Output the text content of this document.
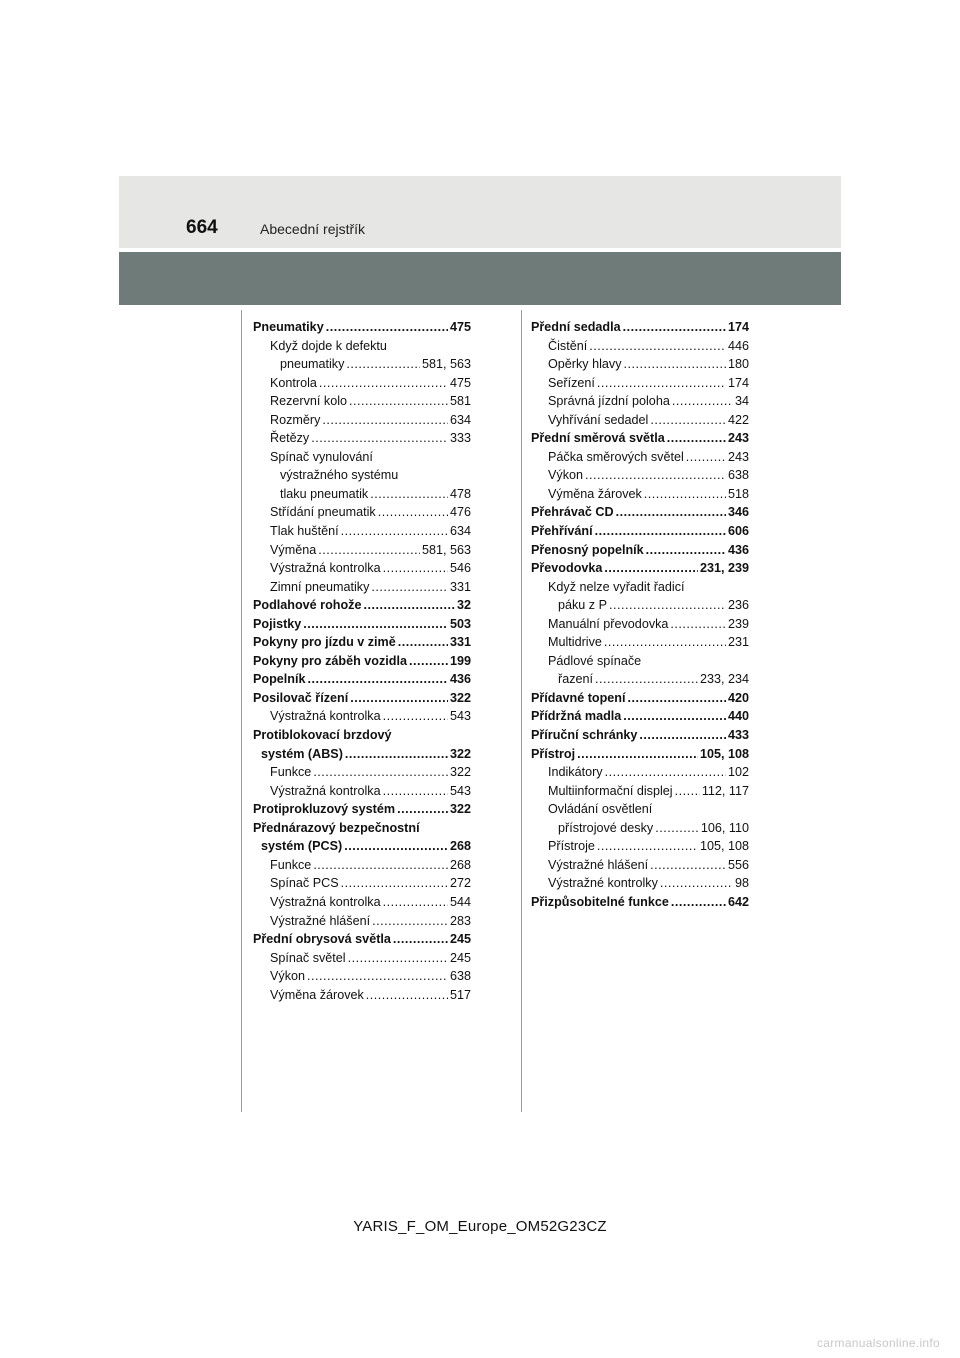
664	Abecední rejstřík
Pneumatiky .....	475
Když dojde k defektu
pneumatiky .....	581, 563
Kontrola .....	475
Rezervní kolo .....	581
Rozměry .....	634
Řetězy .....	333
Spínač vynulování
výstražného systému
tlaku pneumatik .....	478
Střídání pneumatik .....	476
Tlak huštění .....	634
Výměna .....	581, 563
Výstražná kontrolka .....	546
Zimní pneumatiky .....	331
Podlahové rohože .....	32
Pojistky .....	503
Pokyny pro jízdu v zimě .....	331
Pokyny pro záběh vozidla .....	199
Popelník .....	436
Posilovač řízení .....	322
Výstražná kontrolka .....	543
Protiblokovací brzdový
systém (ABS) .....	322
Funkce .....	322
Výstražná kontrolka .....	543
Protiprokluzový systém .....	322
Přednárazový bezpečnostní
systém (PCS) .....	268
Funkce .....	268
Spínač PCS .....	272
Výstražná kontrolka .....	544
Výstražné hlášení .....	283
Přední obrysová světla .....	245
Spínač světel .....	245
Výkon .....	638
Výměna žárovek .....	517
Přední sedadla .....	174
Čistění .....	446
Opěrky hlavy .....	180
Seřízení .....	174
Správná jízdní poloha .....	34
Vyhřívání sedadel .....	422
Přední směrová světla .....	243
Páčka směrových světel .....	243
Výkon .....	638
Výměna žárovek .....	518
Přehrávač CD .....	346
Přehřívání .....	606
Přenosný popelník .....	436
Převodovka .....	231, 239
Když nelze vyřadit řadicí
páku z P .....	236
Manuální převodovka .....	239
Multidrive .....	231
Pádlové spínače
řazení .....	233, 234
Přídavné topení .....	420
Přídržná madla .....	440
Příruční schránky .....	433
Přístroj .....	105, 108
Indikátory .....	102
Multiinformační displej ..... 112, 117
Ovládání osvětlení
přístrojové desky .....	106, 110
Přístroje .....	105, 108
Výstražné hlášení .....	556
Výstražné kontrolky .....	98
Přizpůsobitelné funkce .....	642
YARIS_F_OM_Europe_OM52G23CZ
carmanualsonline.info
